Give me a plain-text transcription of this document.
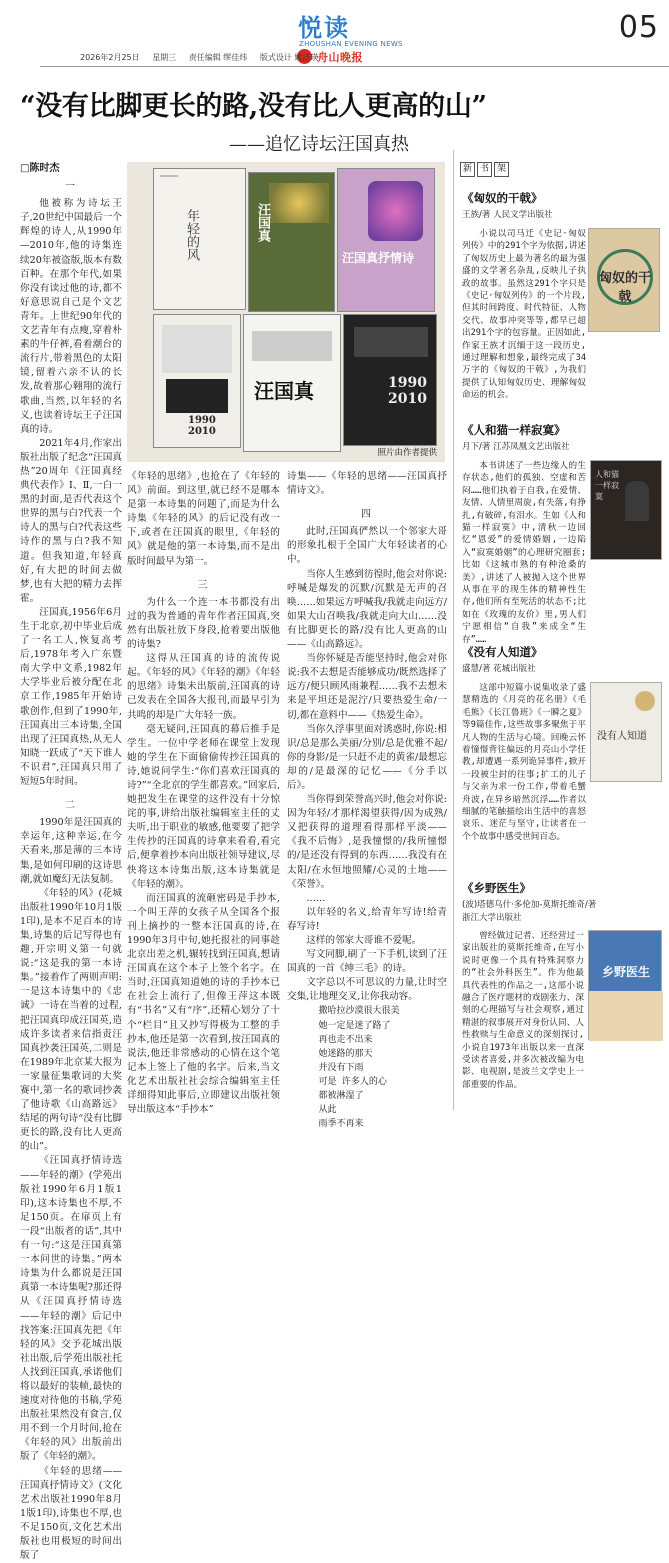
悦读
ZHOUSHAN EVENING NEWS
舟山晚报
2026年2月25日 星期三 责任编辑 缪佳炜 版式设计 姚洁瑛
05
“没有比脚更长的路,没有比人更高的山”
——追忆诗坛汪国真热
年轻的风	汪国真
汪国真抒情诗
1990 2010
汪国真	1990 2010
照片由作者提供

□陈时杰

一

他被称为诗坛王子,20世纪中国最后一个辉煌的诗人,从1990年—2010年,他的诗集连续20年被盗版,版本有数百种。在那个年代,如果你没有读过他的诗,都不好意思说自己是个文艺青年。上世纪90年代的文艺青年有点瘦,穿着朴素的牛仔裤,看着潮台的流行片,带着黑色的太阳镜,留着六亲不认的长发,故着那心翱翔的流行歌曲,当然,以年轻的名义,也读着诗坛王子汪国真的诗。

2021年4月,作家出版社出版了纪念“汪国真热”20周年《汪国真经典代表作》Ⅰ、Ⅱ,一白一黑的封面,是否代表这个世界的黑与白?代表一个诗人的黑与白?代表这些诗作的黑与白?我不知道。但我知道,年轻真好,有大把的时间去做梦,也有大把的精力去挥霍。

汪国真,1956年6月生于北京,初中毕业后成了一名工人,恢复高考后,1978年考入广东暨南大学中文系,1982年大学毕业后被分配在北京工作,1985年开始诗歌创作,但到了1990年,汪国真出三本诗集,全国出现了汪国真热,从无人知晓一跃成了“天下谁人不识君”,汪国真只用了短短5年时间。

二

1990年是汪国真的幸运年,这种幸运,在今天看来,那是薄的三本诗集,是如何印刷的这诗思潮,就如魔幻无法复制。

《年轻的风》(花城出版社1990年10月1版1印),是本不足百本的诗集,诗集的后记写得也有趣,开宗明义第一句就说:“这是我的第一本诗集。”接着作了两则声明:一是这本诗集中的《忠诚》一诗在当着的过程,把汪国真印成汪国英,造成许多读者来信指责汪国真抄袭汪国英,二则是在1989年北京某大报为一家量征集歌词的大奖赛中,第一名的歌词抄袭了他诗歌《山高路远》结尾的两句诗“没有比脚更长的路,没有比人更高的山”。

《汪国真抒情诗选——年轻的潮》(学苑出版社1990年6月1版1印),这本诗集也不厚,不足150页。在扉页上有一段“出版者的话”,其中有一句:“这是汪国真第一本问世的诗集。”两本诗集为什么都说是汪国真第一本诗集呢?那还得从《汪国真抒情诗选——年轻的潮》后记中找答案:汪国真先把《年轻的风》交予花城出版社出版,后学苑出版社托人找到汪国真,承诺他们将以最好的装帧,最快的速度对待他的书稿,学苑出版社果然没有食言,仅用不到一个月时间,抢在《年轻的风》出版前出版了《年轻的潮》。

《年轻的思绪——汪国真抒情诗文》(文化艺术出版社1990年8月1版1印),诗集也不厚,也不足150页,文化艺术出版社也用极短的时间出版了

《年轻的思绪》,也抢在了《年轻的风》前面。到这里,就已经不是哪本是第一本诗集的问题了,而是为什么诗集《年轻的风》的后记没有改一下,或者在汪国真的眼里,《年轻的风》就是他的第一本诗集,而不是出版时间最早为第一。

三

为什么一个连一本书都没有出过的我为普通的青年作者汪国真,突然有出版社放下身段,抢着要出版他的诗集?

这得从汪国真的诗的流传说起。《年轻的风》《年轻的潮》《年轻的思绪》诗集未出版前,汪国真的诗已发表在全国各大报刊,而最早引为共鸣的却是广大年轻一族。

毫无疑问,汪国真的幕后推手是学生。一位中学老师在课堂上发现她的学生在下面偷偷传抄汪国真的诗,她说问学生:“你们喜欢汪国真的诗?”“全北京的学生都喜欢。”回家后,她把发生在课堂的这件没有十分惊诧的事,讲给出版社编辑室主任的丈夫听,出于职业的敏感,他要要了把学生传抄的汪国真的诗拿来看看,看完后,便拿着抄本向出版社领导建议,尽快将这本诗集出版,这本诗集就是《年轻的潮》。

而汪国真的流砸密码是手抄本,一个叫王萍的女孩子从全国各个报刊上摘抄的一整本汪国真的诗,在1990年3月中旬,她托报社的同事趁北京出差之机,辗转找到汪国真,想请汪国真在这个本子上签个名字。在当时,汪国真知道她的诗的手抄本已在社会上流行了,但像王萍这本既有“书名”又有“序”,还精心划分了十个“栏目”且又抄写得极为工整的手抄本,他还是第一次看到,按汪国真的说法,他还非常感动的心情在这个笔记本上签上了他的名字。后来,当文化艺术出版社社会综合编辑室主任详细得知此事后,立即建议出版社领导出版这本“手抄本”

诗集——《年轻的思绪——汪国真抒情诗文》。

四

此时,汪国真俨然以一个邻家大哥的形象扎根于全国广大年轻读者的心中。

当你人生感到彷徨时,他会对你说:呼喊是爆发的沉默/沉默是无声的召唤……如果远方呼喊我/我就走向远方/如果大山召唤我/我就走向大山……没有比脚更长的路/没有比人更高的山——《山高路远》。

当你怀疑是否能坚持时,他会对你说:我不去想是否能够成功/既然选择了远方/便只顾风雨兼程……我不去想未来是平坦还是泥泞/只要热爱生命/一切,都在意料中——《热爱生命》。

当你久浮事里面对诱惑时,你说:相识/总是那么美丽/分别/总是优雅不起/你的身影/是一只赶不走的黄雀/最想忘却的/是最深的记忆——《分手以后》。

当你得到荣誉高兴时,他会对你说:因为年轻/才那样渴望获得/因为成熟/又把获得的道理看得那样平淡——《我不后悔》,是我憧憬的/我所憧憬的/是还没有得到的东西……我没有在太阳/在永恒地照耀/心灵的土地——《荣誉》。

……

以年轻的名义,给青年写诗!给青春写诗!

这样的邻家大哥谁不爱呢。

写文同脚,刷了一下手机,读到了汪国真的一首《绅三毛》的诗。

文字总以不可思议的力量,让时空交集,让地理交叉,让你我动容。

撒哈拉沙漠很大很美

她一定是迷了路了

再也走不出来

她迷路的那天

并没有下雨

可是 许多人的心

都被淋湿了

从此

雨季不再来

新 书 架
《匈奴的干戟》
王族/著 人民文学出版社
匈奴的干戟

小说以司马迁《史记·匈奴列传》中的291个字为依据,讲述了匈奴历史上最为著名的最为强盛的文学著名杂乱,反映儿子执政的故事。虽然这291个字只是《史记·匈奴列传》的一个片段,但其时间跨度、时代特征、人物交代、故事冲突等等,都早已超出291个字的包容量。正因如此,作家王族才沉缅于这一段历史,通过理解和想象,最终完成了34万字的《匈奴的干戟》,为我们提供了认知匈奴历史、理解匈奴命运的机会。

《人和猫一样寂寞》
月下/著 江苏凤凰文艺出版社
人和猫一样寂寞

本书讲述了一些边缘人的生存状态,他们的孤独、空虚和苦闷……他们执着于自我,在爱情、友情、人情里周旋,有失落,有挣扎,有破碎,有泪水。生如《人和猫一样寂寞》中,清秋一边回忆“恩爱”的爱情婚姻,一边陷入“寂寞婚姻”的心理研究圈套;比如《这城市熟的有种沧桑的美》,讲述了人被抛入这个世界从事在平的现生体的精神性生存,他们所有至死活的状态不;比如在《玫瑰的友价》里,男人们宁愿相信“自我”来成全“生存”……

《没有人知道》
盛慧/著 花城出版社
没有人知道

这部中短篇小说集收录了盛慧精选的《月亮的花名册》《毛毛熊》《长江鲁班》《一瞬之夏》等9篇佳作,这些故事多聚焦于平凡人物的生活与心境。回晚云怀着憧憬背往偏远的月亮山小学任教,却遭遇一系列诡异事件,掀开一段被尘封的往事;扩工的儿子与父亲为求一份工作,带着毛蟹舟波,在异乡暗然沉浮……作者以细腻的笔触描绘出生活中的喜怒哀乐、迷茫与坚守,让读者在一个个故事中感受世间百态。

《乡野医生》
(波)塔德乌什·多伦加-莫斯托维奇/著
浙江大学出版社
乡野医生

曾经做过记者、还经营过一家出版社的莫斯托维奇,在写小说时更像一个具有特殊洞察力的“社会外科医生”。作为他最具代表性的作品之一,这部小说融合了医疗题材的戏剧张力、深刻的心理描写与社会观察,通过精湛的叙事展开对身份认同、人性救赎与生命意义的深刻探讨,小说自1973年出版以来一直深受读者喜爱,并多次被改编为电影、电视剧,是波兰文学史上一部重要的作品。
